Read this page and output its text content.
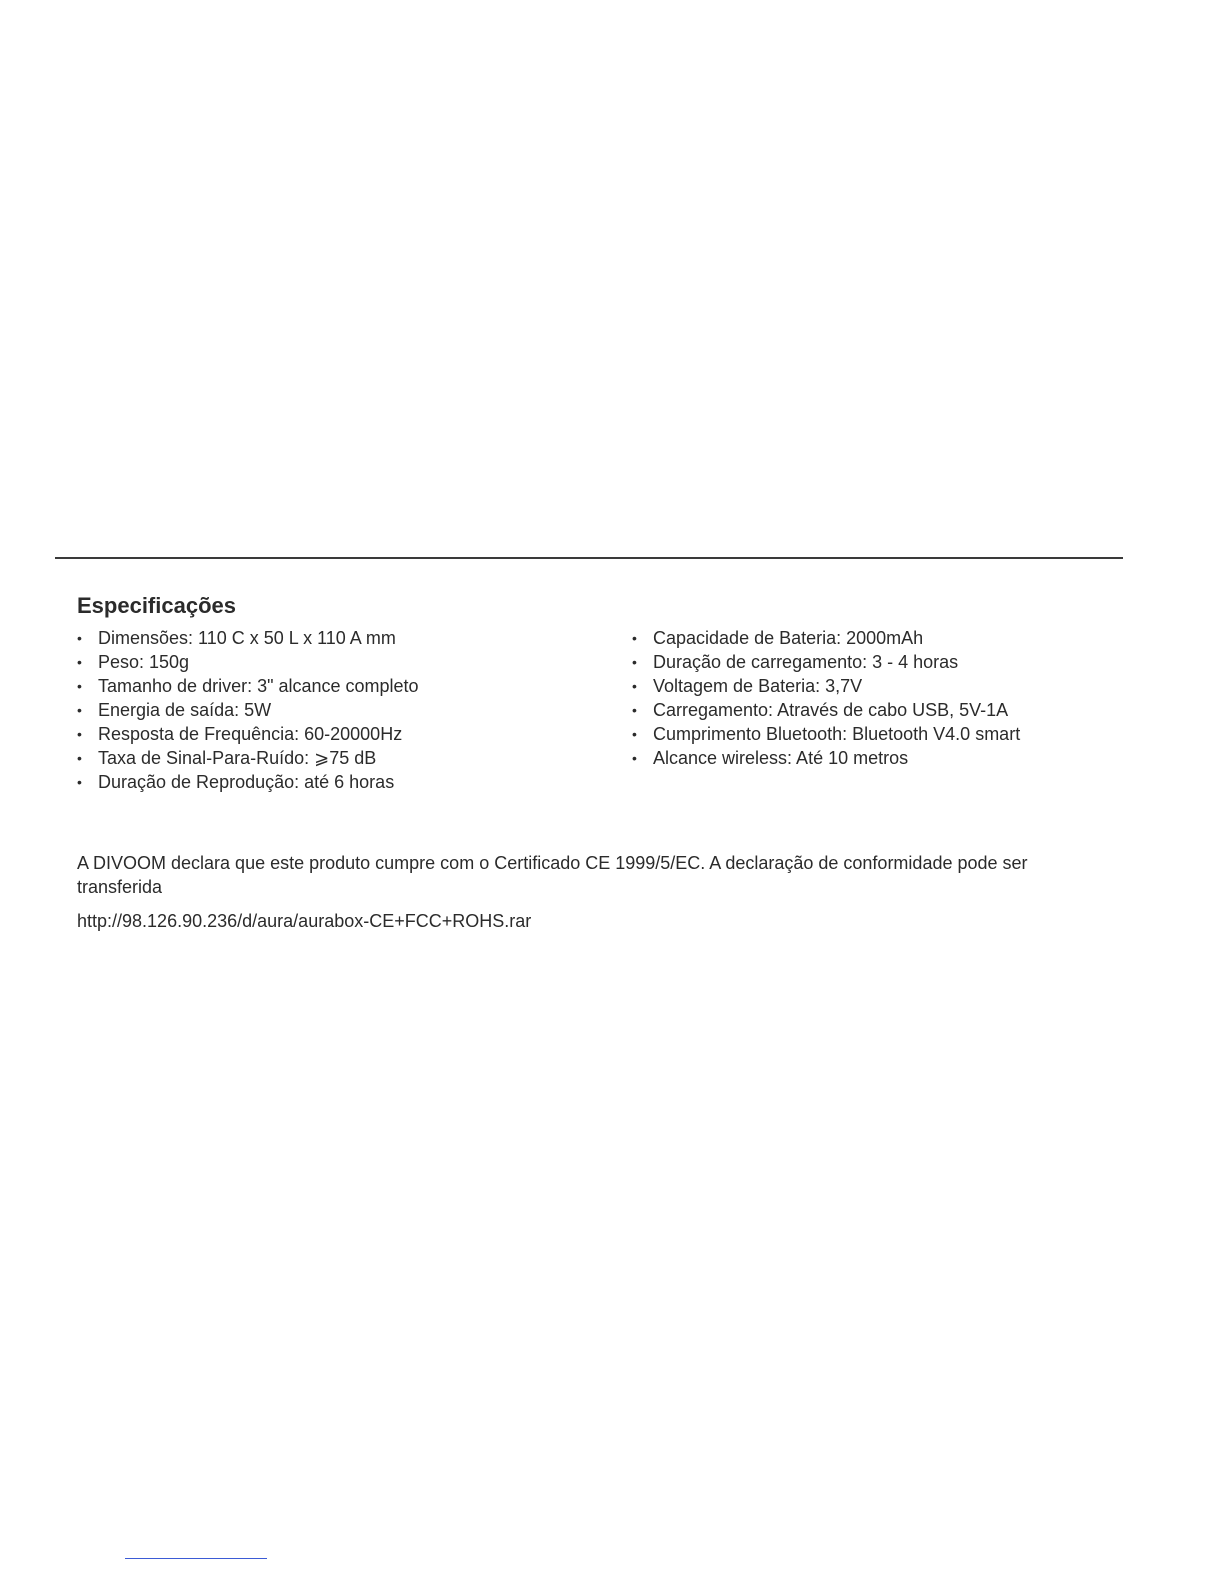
Especificações
• Dimensões: 110 C x 50 L x 110 A mm
• Peso: 150g
• Tamanho de driver: 3" alcance completo
• Energia de saída: 5W
• Resposta de Frequência: 60-20000Hz
• Taxa de Sinal-Para-Ruído: ⩾75 dB
• Duração de Reprodução: até 6 horas
• Capacidade de Bateria: 2000mAh
• Duração de carregamento: 3 - 4 horas
• Voltagem de Bateria: 3,7V
• Carregamento: Através de cabo USB, 5V-1A
• Cumprimento Bluetooth: Bluetooth V4.0 smart
• Alcance wireless: Até 10 metros

A DIVOOM declara que este produto cumpre com o Certificado CE 1999/5/EC. A declaração de conformidade pode ser transferida

http://98.126.90.236/d/aura/aurabox-CE+FCC+ROHS.rar
